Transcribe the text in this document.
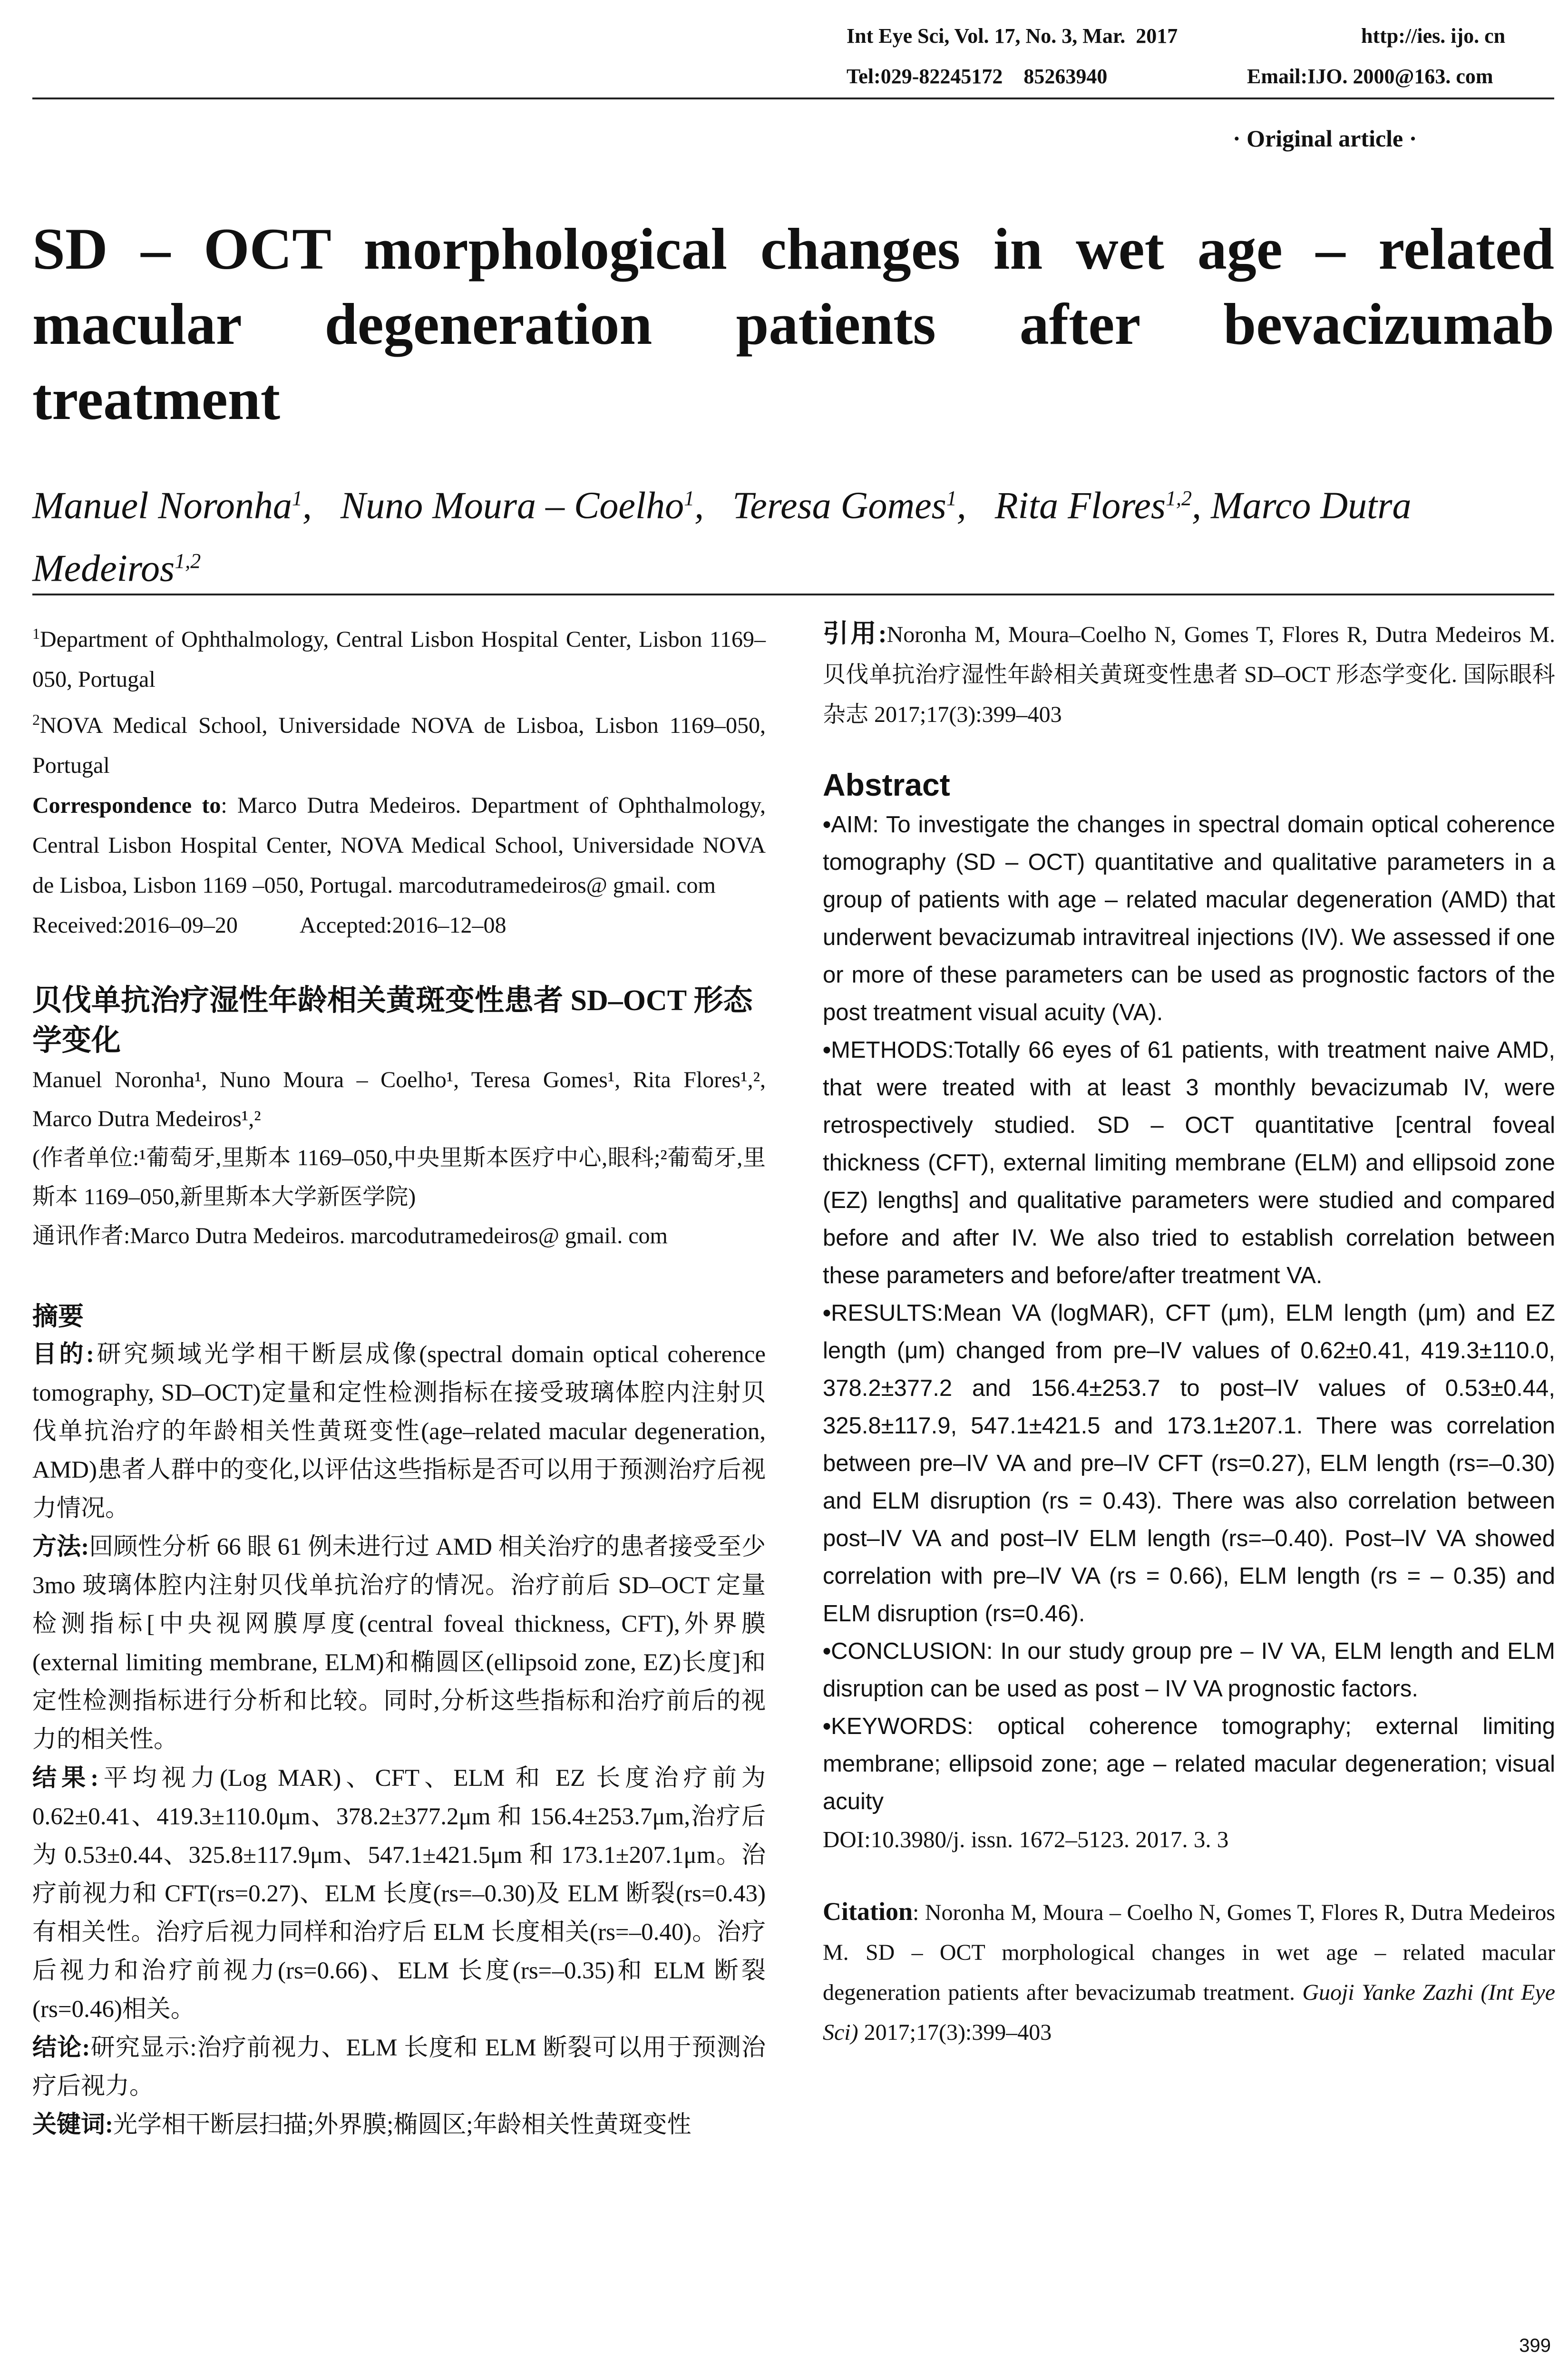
Int Eye Sci, Vol. 17, No. 3, Mar.  2017	http://ies. ijo. cn
Tel:029-82245172    85263940	Email:IJO. 2000@163. com
· Original article ·
SD – OCT morphological changes in wet age – related macular degeneration patients after bevacizumab treatment
Manuel Noronha$^1$,   Nuno Moura – Coelho$^1$,   Teresa Gomes$^1$,   Rita Flores$^{1,2}$, Marco Dutra Medeiros$^{1,2}$

$^1$Department of Ophthalmology, Central Lisbon Hospital Center, Lisbon 1169–050, Portugal

$^2$NOVA Medical School, Universidade NOVA de Lisboa, Lisbon 1169–050, Portugal

Correspondence to: Marco Dutra Medeiros. Department of Ophthalmology, Central Lisbon Hospital Center, NOVA Medical School, Universidade NOVA de Lisboa, Lisbon 1169 –050, Portugal. marcodutramedeiros@ gmail. com

Received:2016–09–20	Accepted:2016–12–08

贝伐单抗治疗湿性年龄相关黄斑变性患者 SD–OCT 形态学变化

Manuel Noronha¹, Nuno Moura – Coelho¹, Teresa Gomes¹, Rita Flores¹,², Marco Dutra Medeiros¹,²

(作者单位:¹葡萄牙,里斯本 1169–050,中央里斯本医疗中心,眼科;²葡萄牙,里斯本 1169–050,新里斯本大学新医学院)

通讯作者:Marco Dutra Medeiros. marcodutramedeiros@ gmail. com

摘要

目的:研究频域光学相干断层成像(spectral domain optical coherence tomography, SD–OCT)定量和定性检测指标在接受玻璃体腔内注射贝伐单抗治疗的年龄相关性黄斑变性(age–related macular degeneration, AMD)患者人群中的变化,以评估这些指标是否可以用于预测治疗后视力情况。

方法:回顾性分析 66 眼 61 例未进行过 AMD 相关治疗的患者接受至少 3mo 玻璃体腔内注射贝伐单抗治疗的情况。治疗前后 SD–OCT 定量检测指标[中央视网膜厚度(central foveal thickness, CFT),外界膜(external limiting membrane, ELM)和椭圆区(ellipsoid zone, EZ)长度]和定性检测指标进行分析和比较。同时,分析这些指标和治疗前后的视力的相关性。

结果:平均视力(Log MAR)、CFT、ELM 和 EZ 长度治疗前为 0.62±0.41、419.3±110.0μm、378.2±377.2μm 和 156.4±253.7μm,治疗后为 0.53±0.44、325.8±117.9μm、547.1±421.5μm 和 173.1±207.1μm。治疗前视力和 CFT(rs=0.27)、ELM 长度(rs=–0.30)及 ELM 断裂(rs=0.43)有相关性。治疗后视力同样和治疗后 ELM 长度相关(rs=–0.40)。治疗后视力和治疗前视力(rs=0.66)、ELM 长度(rs=–0.35)和 ELM 断裂(rs=0.46)相关。

结论:研究显示:治疗前视力、ELM 长度和 ELM 断裂可以用于预测治疗后视力。

关键词:光学相干断层扫描;外界膜;椭圆区;年龄相关性黄斑变性

引用:Noronha M, Moura–Coelho N, Gomes T, Flores R, Dutra Medeiros M. 贝伐单抗治疗湿性年龄相关黄斑变性患者 SD–OCT 形态学变化. 国际眼科杂志 2017;17(3):399–403

Abstract

• AIM: To investigate the changes in spectral domain optical coherence tomography (SD – OCT) quantitative and qualitative parameters in a group of patients with age – related macular degeneration (AMD) that underwent bevacizumab intravitreal injections (IV). We assessed if one or more of these parameters can be used as prognostic factors of the post treatment visual acuity (VA).

• METHODS:Totally 66 eyes of 61 patients, with treatment naive AMD, that were treated with at least 3 monthly bevacizumab IV, were retrospectively studied. SD – OCT quantitative [central foveal thickness (CFT), external limiting membrane (ELM) and ellipsoid zone (EZ) lengths] and qualitative parameters were studied and compared before and after IV. We also tried to establish correlation between these parameters and before/after treatment VA.

• RESULTS:Mean VA (logMAR), CFT (μm), ELM length (μm) and EZ length (μm) changed from pre–IV values of 0.62±0.41, 419.3±110.0, 378.2±377.2 and 156.4±253.7 to post–IV values of 0.53±0.44, 325.8±117.9, 547.1±421.5 and 173.1±207.1. There was correlation between pre–IV VA and pre–IV CFT (rs=0.27), ELM length (rs=–0.30) and ELM disruption (rs = 0.43). There was also correlation between post–IV VA and post–IV ELM length (rs=–0.40). Post–IV VA showed correlation with pre–IV VA (rs = 0.66), ELM length (rs = – 0.35) and ELM disruption (rs=0.46).

• CONCLUSION: In our study group pre – IV VA, ELM length and ELM disruption can be used as post – IV VA prognostic factors.

• KEYWORDS: optical coherence tomography; external limiting membrane; ellipsoid zone; age – related macular degeneration; visual acuity

DOI:10.3980/j. issn. 1672–5123. 2017. 3. 3

Citation: Noronha M, Moura – Coelho N, Gomes T, Flores R, Dutra Medeiros M. SD – OCT morphological changes in wet age – related macular degeneration patients after bevacizumab treatment. Guoji Yanke Zazhi (Int Eye Sci) 2017;17(3):399–403

399
